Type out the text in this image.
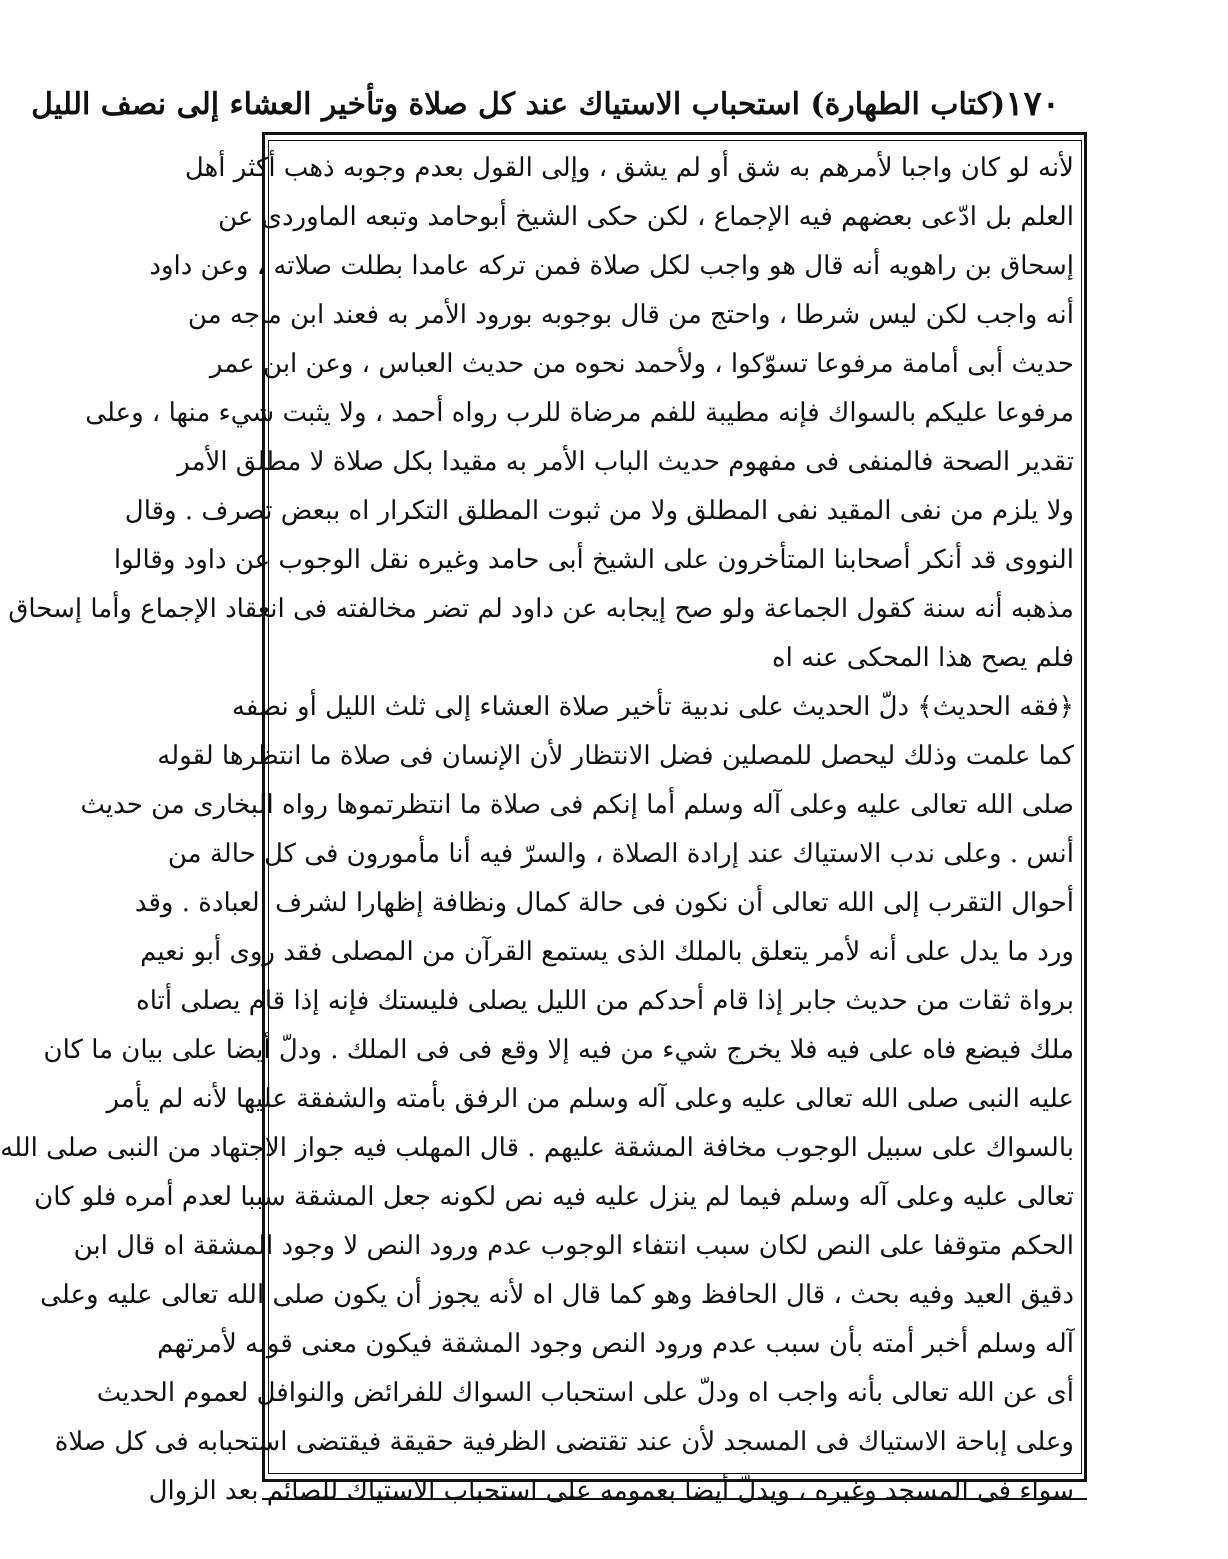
١٧٠
(كتاب الطهارة) استحباب الاستياك عند كل صلاة وتأخير العشاء إلى نصف الليل
لأنه لو كان واجبا لأمرهم به شق أو لم يشق ، وإلى القول بعدم وجوبه ذهب أكثر أهل
العلم بل ادّعى بعضهم فيه الإجماع ، لكن حكى الشيخ أبوحامد وتبعه الماوردى عن
إسحاق بن راهويه أنه قال هو واجب لكل صلاة فمن تركه عامدا بطلت صلاته ، وعن داود
أنه واجب لكن ليس شرطا ، واحتج من قال بوجوبه بورود الأمر به فعند ابن ماجه من
حديث أبى أمامة مرفوعا تسوّكوا ، ولأحمد نحوه من حديث العباس ، وعن ابن عمر
مرفوعا عليكم بالسواك فإنه مطيبة للفم مرضاة للرب رواه أحمد ، ولا يثبت شيء منها ، وعلى
تقدير الصحة فالمنفى فى مفهوم حديث الباب الأمر به مقيدا بكل صلاة لا مطلق الأمر
ولا يلزم من نفى المقيد نفى المطلق ولا من ثبوت المطلق التكرار اه ببعض تصرف . وقال
النووى قد أنكر أصحابنا المتأخرون على الشيخ أبى حامد وغيره نقل الوجوب عن داود وقالوا
مذهبه أنه سنة كقول الجماعة ولو صح إيجابه عن داود لم تضر مخالفته فى انعقاد الإجماع وأما إسحاق
فلم يصح هذا المحكى عنه اه
﴿فقه الحديث﴾ دلّ الحديث على ندبية تأخير صلاة العشاء إلى ثلث الليل أو نصفه
كما علمت وذلك ليحصل للمصلين فضل الانتظار لأن الإنسان فى صلاة ما انتظرها لقوله
صلى الله تعالى عليه وعلى آله وسلم أما إنكم فى صلاة ما انتظرتموها رواه البخارى من حديث
أنس . وعلى ندب الاستياك عند إرادة الصلاة ، والسرّ فيه أنا مأمورون فى كل حالة من
أحوال التقرب إلى الله تعالى أن نكون فى حالة كمال ونظافة إظهارا لشرف العبادة . وقد
ورد ما يدل على أنه لأمر يتعلق بالملك الذى يستمع القرآن من المصلى فقد روى أبو نعيم
برواة ثقات من حديث جابر إذا قام أحدكم من الليل يصلى فليستك فإنه إذا قام يصلى أتاه
ملك فيضع فاه على فيه فلا يخرج شيء من فيه إلا وقع فى فى الملك . ودلّ أيضا على بيان ما كان
عليه النبى صلى الله تعالى عليه وعلى آله وسلم من الرفق بأمته والشفقة عليها لأنه لم يأمر
بالسواك على سبيل الوجوب مخافة المشقة عليهم . قال المهلب فيه جواز الاجتهاد من النبى صلى الله
تعالى عليه وعلى آله وسلم فيما لم ينزل عليه فيه نص لكونه جعل المشقة سببا لعدم أمره فلو كان
الحكم متوقفا على النص لكان سبب انتفاء الوجوب عدم ورود النص لا وجود المشقة اه قال ابن
دقيق العيد وفيه بحث ، قال الحافظ وهو كما قال اه لأنه يجوز أن يكون صلى الله تعالى عليه وعلى
آله وسلم أخبر أمته بأن سبب عدم ورود النص وجود المشقة فيكون معنى قوله لأمرتهم
أى عن الله تعالى بأنه واجب اه ودلّ على استحباب السواك للفرائض والنوافل لعموم الحديث
وعلى إباحة الاستياك فى المسجد لأن عند تقتضى الظرفية حقيقة فيقتضى استحبابه فى كل صلاة
سواء فى المسجد وغيره ، ويدلّ أيضا بعمومه على استحباب الاستياك للصائم بعد الزوال
